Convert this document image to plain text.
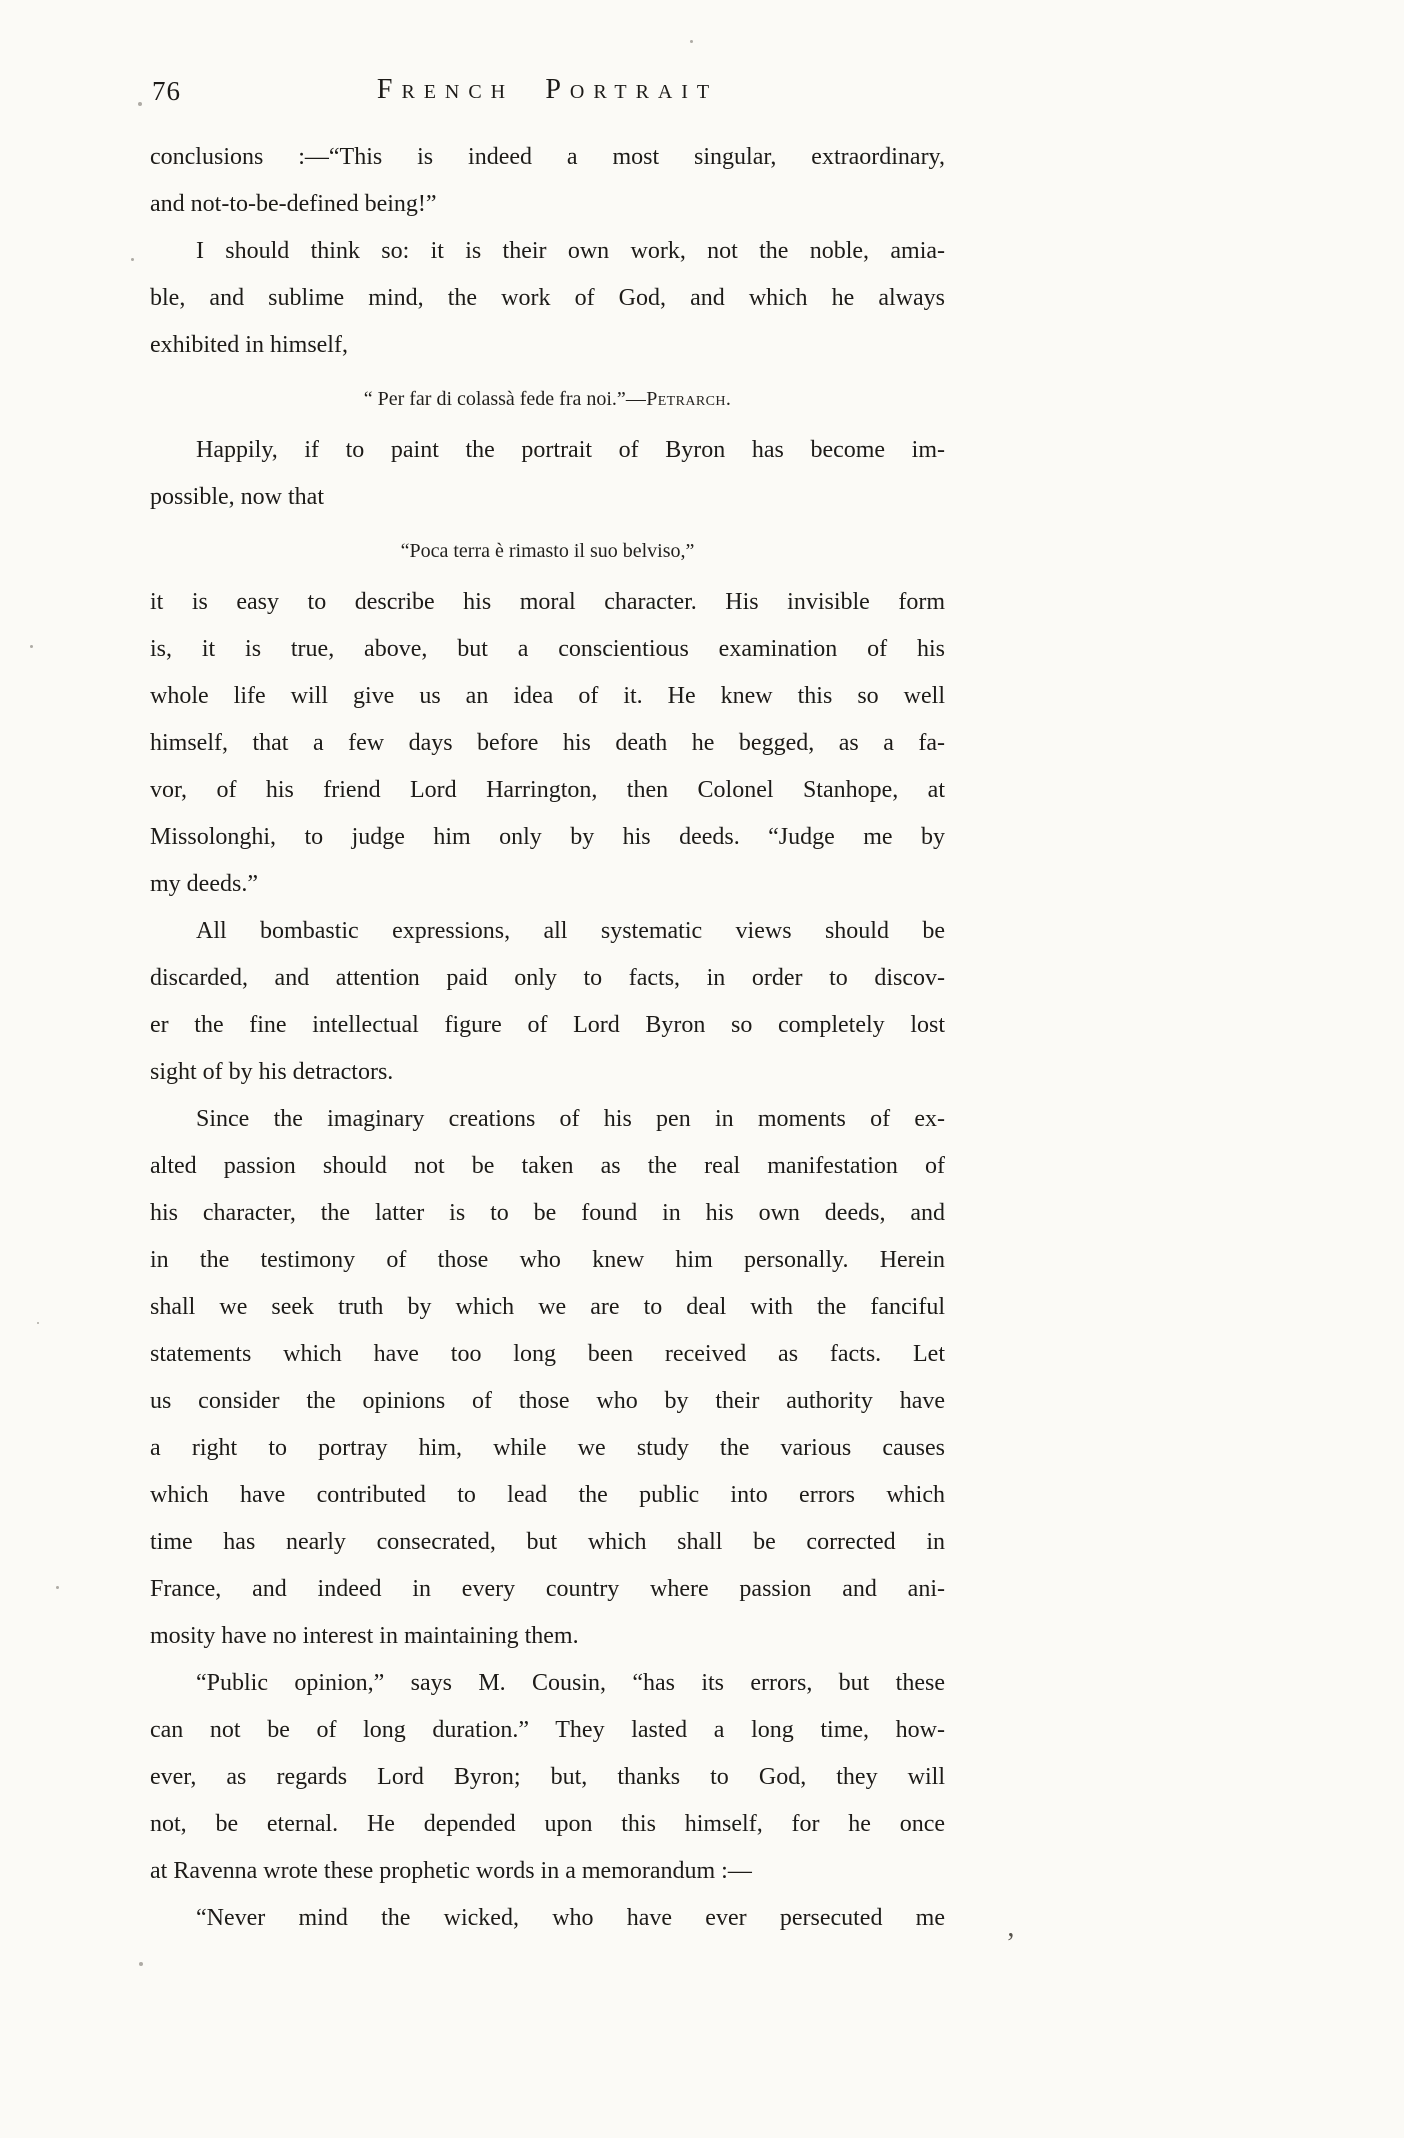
76	French Portrait
conclusions :—“This is indeed a most singular, extraordinary,
and not-to-be-defined being!”
I should think so: it is their own work, not the noble, amia-
ble, and sublime mind, the work of God, and which he always
exhibited in himself,
“ Per far di colassà fede fra noi.”—Petrarch.
Happily, if to paint the portrait of Byron has become im-
possible, now that
“Poca terra è rimasto il suo belviso,”
it is easy to describe his moral character. His invisible form
is, it is true, above, but a conscientious examination of his
whole life will give us an idea of it. He knew this so well
himself, that a few days before his death he begged, as a fa-
vor, of his friend Lord Harrington, then Colonel Stanhope, at
Missolonghi, to judge him only by his deeds. “Judge me by
my deeds.”
All bombastic expressions, all systematic views should be
discarded, and attention paid only to facts, in order to discov-
er the fine intellectual figure of Lord Byron so completely lost
sight of by his detractors.
Since the imaginary creations of his pen in moments of ex-
alted passion should not be taken as the real manifestation of
his character, the latter is to be found in his own deeds, and
in the testimony of those who knew him personally. Herein
shall we seek truth by which we are to deal with the fanciful
statements which have too long been received as facts. Let
us consider the opinions of those who by their authority have
a right to portray him, while we study the various causes
which have contributed to lead the public into errors which
time has nearly consecrated, but which shall be corrected in
France, and indeed in every country where passion and ani-
mosity have no interest in maintaining them.
“Public opinion,” says M. Cousin, “has its errors, but these
can not be of long duration.” They lasted a long time, how-
ever, as regards Lord Byron; but, thanks to God, they will
not, be eternal. He depended upon this himself, for he once
at Ravenna wrote these prophetic words in a memorandum :—
“Never mind the wicked, who have ever persecuted me
’
